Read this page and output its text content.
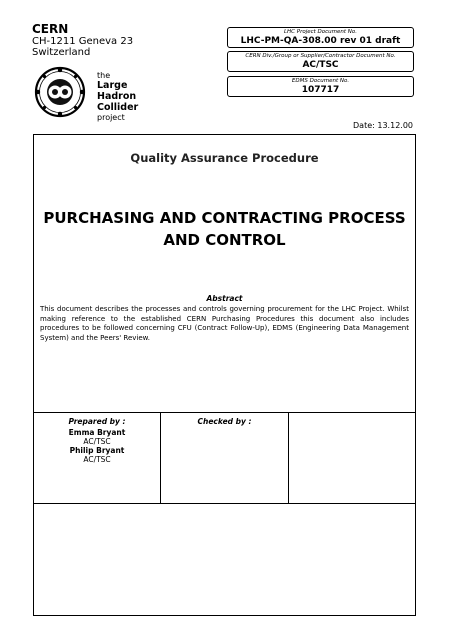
CERN
CH-1211 Geneva 23
Switzerland
the
Large
Hadron
Collider
project
LHC Project Document No.
LHC-PM-QA-308.00 rev 01 draft
CERN Div./Group or Supplier/Contractor Document No.
AC/TSC
EDMS Document No.
107717
Date: 13.12.00
Quality Assurance Procedure
PURCHASING AND CONTRACTING PROCESS
AND CONTROL
Abstract
This document describes the processes and controls governing procurement for the LHC Project. Whilst making reference to the established CERN Purchasing Procedures this document also includes procedures to be followed concerning CFU (Contract Follow-Up), EDMS (Engineering Data Management System) and the Peers' Review.
Prepared by :
Emma Bryant
AC/TSC
Philip Bryant
AC/TSC
Checked by :
